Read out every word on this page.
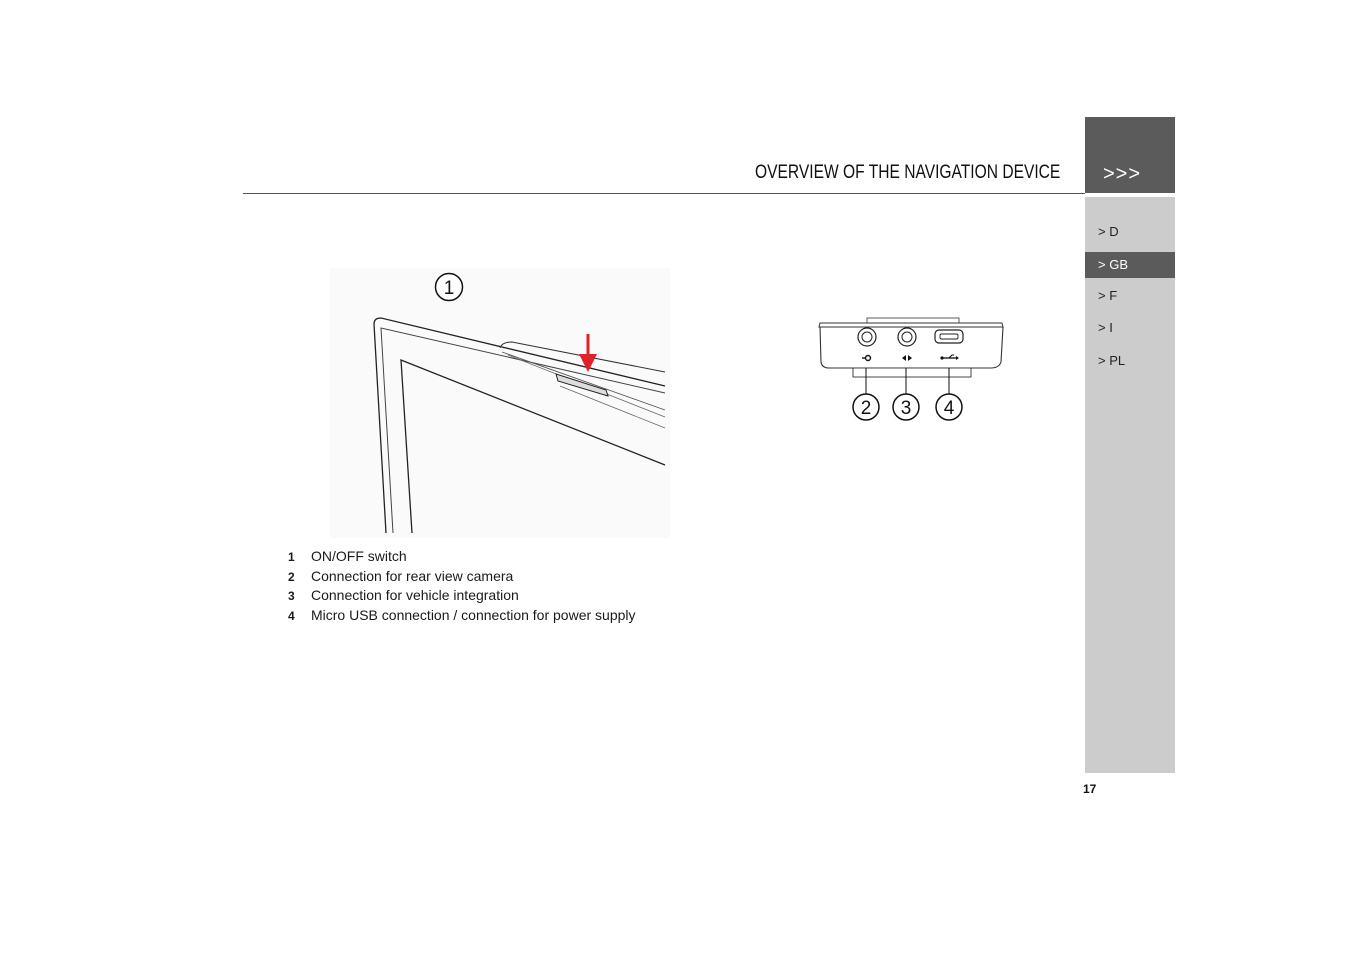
OVERVIEW OF THE NAVIGATION DEVICE >>>
> D
> GB
> F
> I
> PL
1
2 3 4
1 ON/OFF switch
2 Connection for rear view camera
3 Connection for vehicle integration
4 Micro USB connection / connection for power supply
17
